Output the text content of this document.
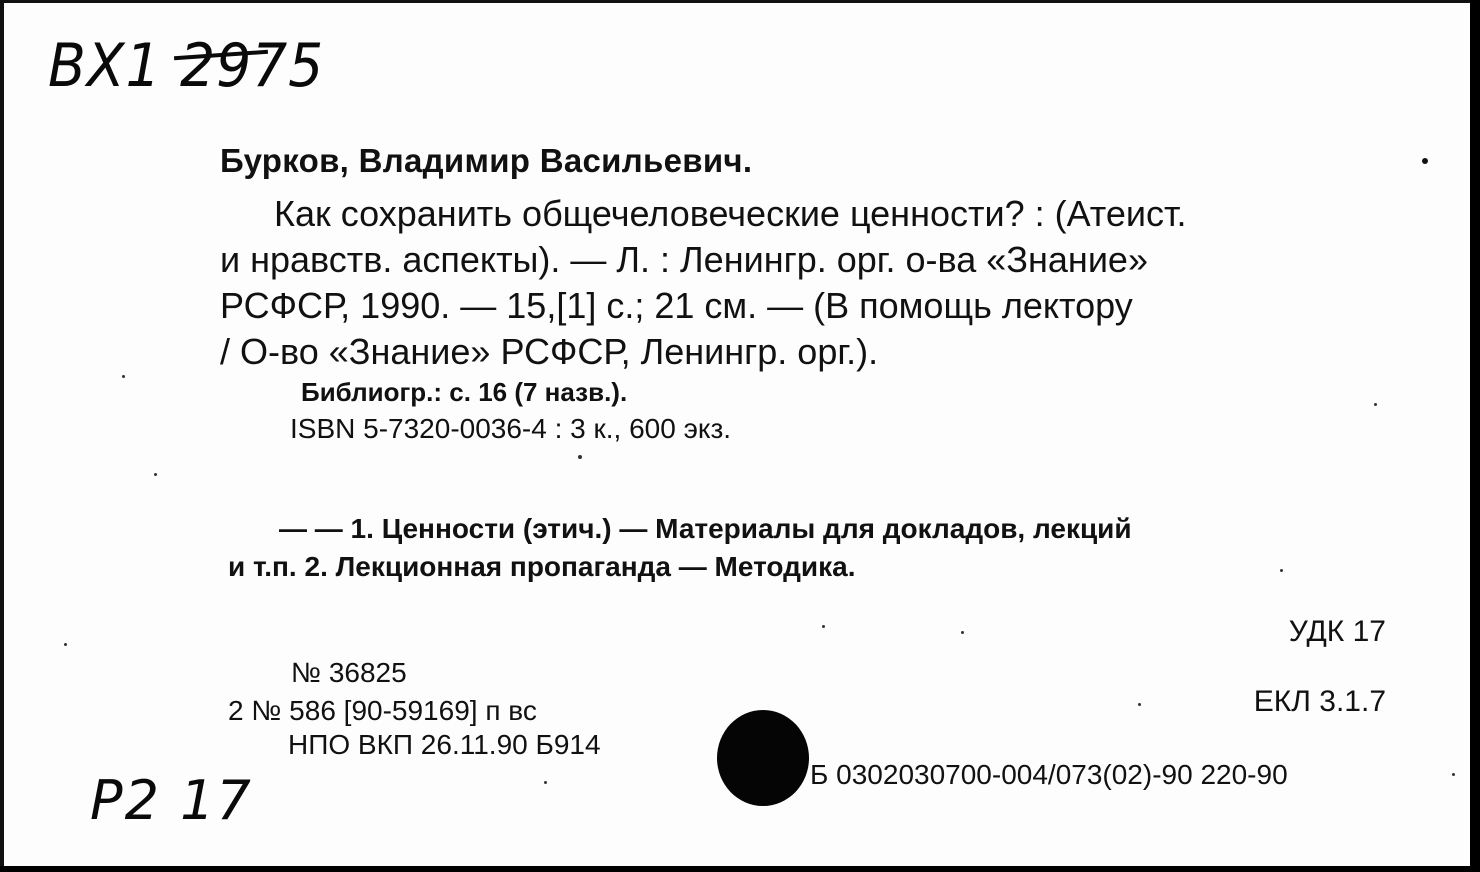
ВХ1 2975
Бурков, Владимир Васильевич.
Как сохранить общечеловеческие ценности? : (Атеист.
и нравств. аспекты). — Л. : Ленингр. орг. о-ва «Знание»
РСФСР, 1990. — 15,[1] с.; 21 см. — (В помощь лектору
/ О-во «Знание» РСФСР, Ленингр. орг.).
Библиогр.: с. 16 (7 назв.).
ISBN 5-7320-0036-4 : 3 к., 600 экз.
— — 1. Ценности (этич.) — Материалы для докладов, лекций
и т.п. 2. Лекционная пропаганда — Методика.
УДК 17
ЕКЛ 3.1.7
№ 36825
2 № 586 [90-59169] п вс
НПО ВКП 26.11.90 Б914
Б 0302030700-004/073(02)-90 220-90
Р2 17
